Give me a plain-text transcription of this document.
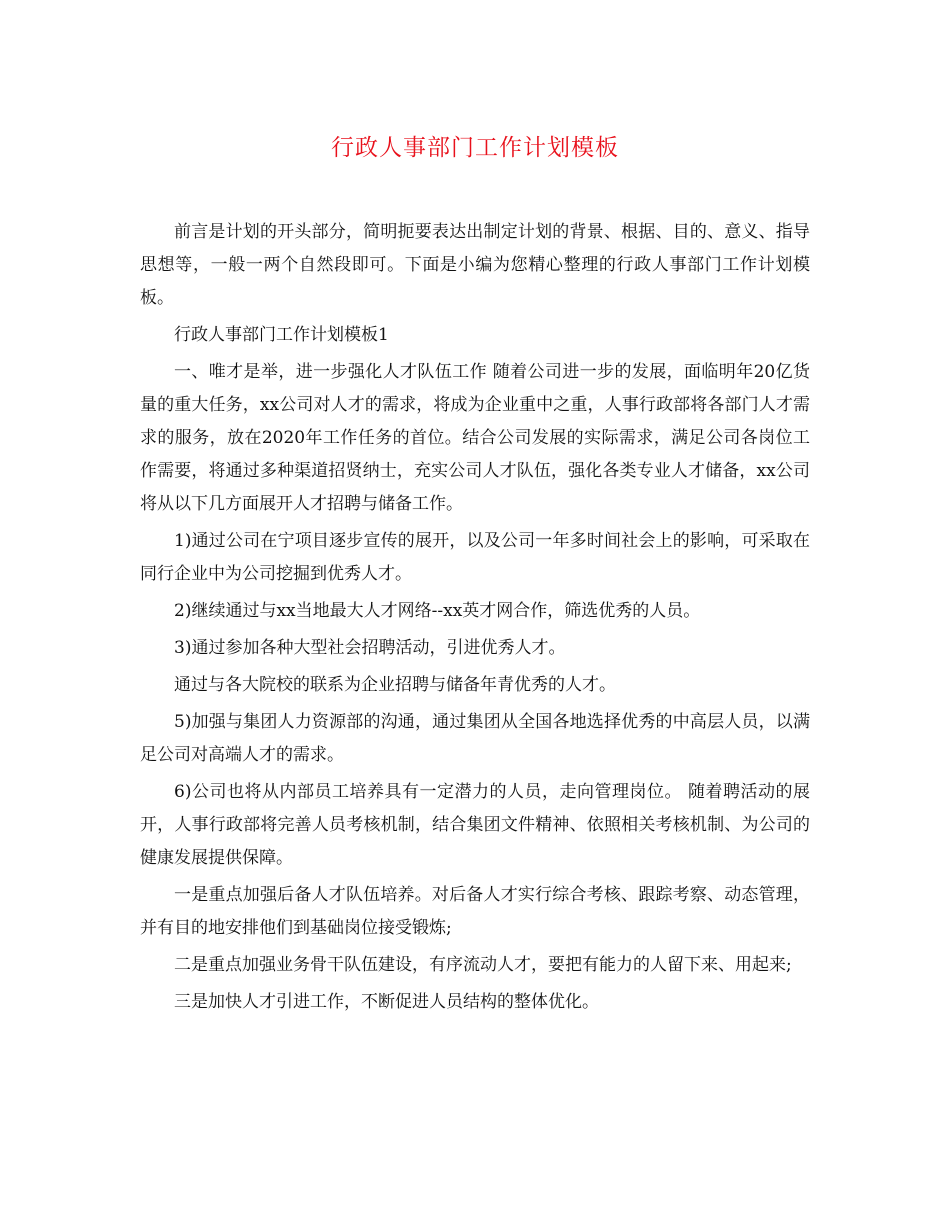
行政人事部门工作计划模板

前言是计划的开头部分，简明扼要表达出制定计划的背景、根据、目的、意义、指导思想等，一般一两个自然段即可。下面是小编为您精心整理的行政人事部门工作计划模板。

行政人事部门工作计划模板1

一、唯才是举，进一步强化人才队伍工作 随着公司进一步的发展，面临明年20亿货量的重大任务，xx公司对人才的需求，将成为企业重中之重，人事行政部将各部门人才需求的服务，放在2020年工作任务的首位。结合公司发展的实际需求，满足公司各岗位工作需要，将通过多种渠道招贤纳士，充实公司人才队伍，强化各类专业人才储备，xx公司将从以下几方面展开人才招聘与储备工作。

1)通过公司在宁项目逐步宣传的展开，以及公司一年多时间社会上的影响，可采取在同行企业中为公司挖掘到优秀人才。

2)继续通过与xx当地最大人才网络--xx英才网合作，筛选优秀的人员。

3)通过参加各种大型社会招聘活动，引进优秀人才。

通过与各大院校的联系为企业招聘与储备年青优秀的人才。

5)加强与集团人力资源部的沟通，通过集团从全国各地选择优秀的中高层人员，以满足公司对高端人才的需求。

6)公司也将从内部员工培养具有一定潜力的人员，走向管理岗位。 随着聘活动的展开，人事行政部将完善人员考核机制，结合集团文件精神、依照相关考核机制、为公司的健康发展提供保障。

一是重点加强后备人才队伍培养。对后备人才实行综合考核、跟踪考察、动态管理，并有目的地安排他们到基础岗位接受锻炼;

二是重点加强业务骨干队伍建设，有序流动人才，要把有能力的人留下来、用起来;

三是加快人才引进工作，不断促进人员结构的整体优化。
